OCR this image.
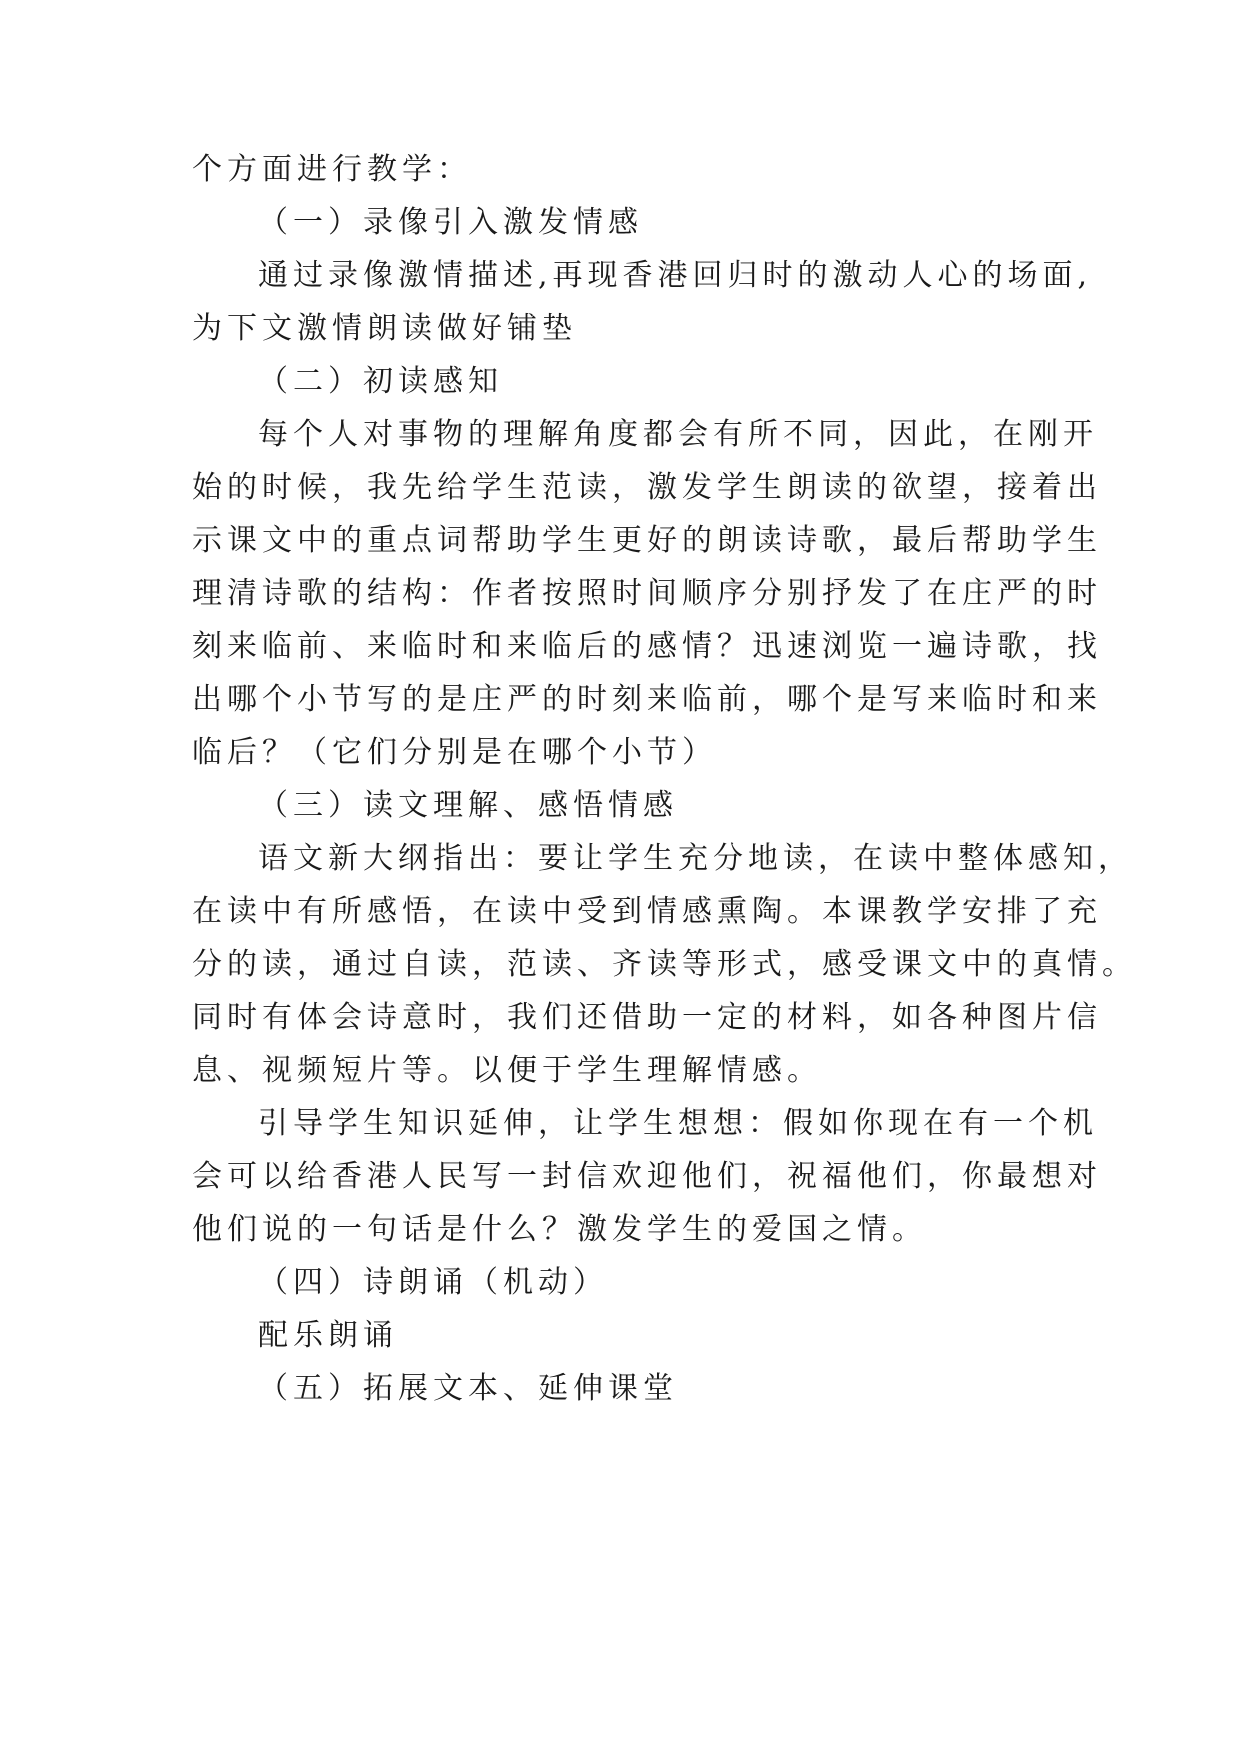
个方面进行教学：
（一）录像引入激发情感
通过录像激情描述,再现香港回归时的激动人心的场面,
为下文激情朗读做好铺垫
（二）初读感知
每个人对事物的理解角度都会有所不同，因此，在刚开
始的时候，我先给学生范读，激发学生朗读的欲望，接着出
示课文中的重点词帮助学生更好的朗读诗歌，最后帮助学生
理清诗歌的结构：作者按照时间顺序分别抒发了在庄严的时
刻来临前、来临时和来临后的感情？迅速浏览一遍诗歌，找
出哪个小节写的是庄严的时刻来临前，哪个是写来临时和来
临后？（它们分别是在哪个小节）
（三）读文理解、感悟情感
语文新大纲指出：要让学生充分地读，在读中整体感知，
在读中有所感悟，在读中受到情感熏陶。本课教学安排了充
分的读，通过自读，范读、齐读等形式，感受课文中的真情。
同时有体会诗意时，我们还借助一定的材料，如各种图片信
息、视频短片等。以便于学生理解情感。
引导学生知识延伸，让学生想想：假如你现在有一个机
会可以给香港人民写一封信欢迎他们，祝福他们，你最想对
他们说的一句话是什么？激发学生的爱国之情。
（四）诗朗诵（机动）
配乐朗诵
（五）拓展文本、延伸课堂
